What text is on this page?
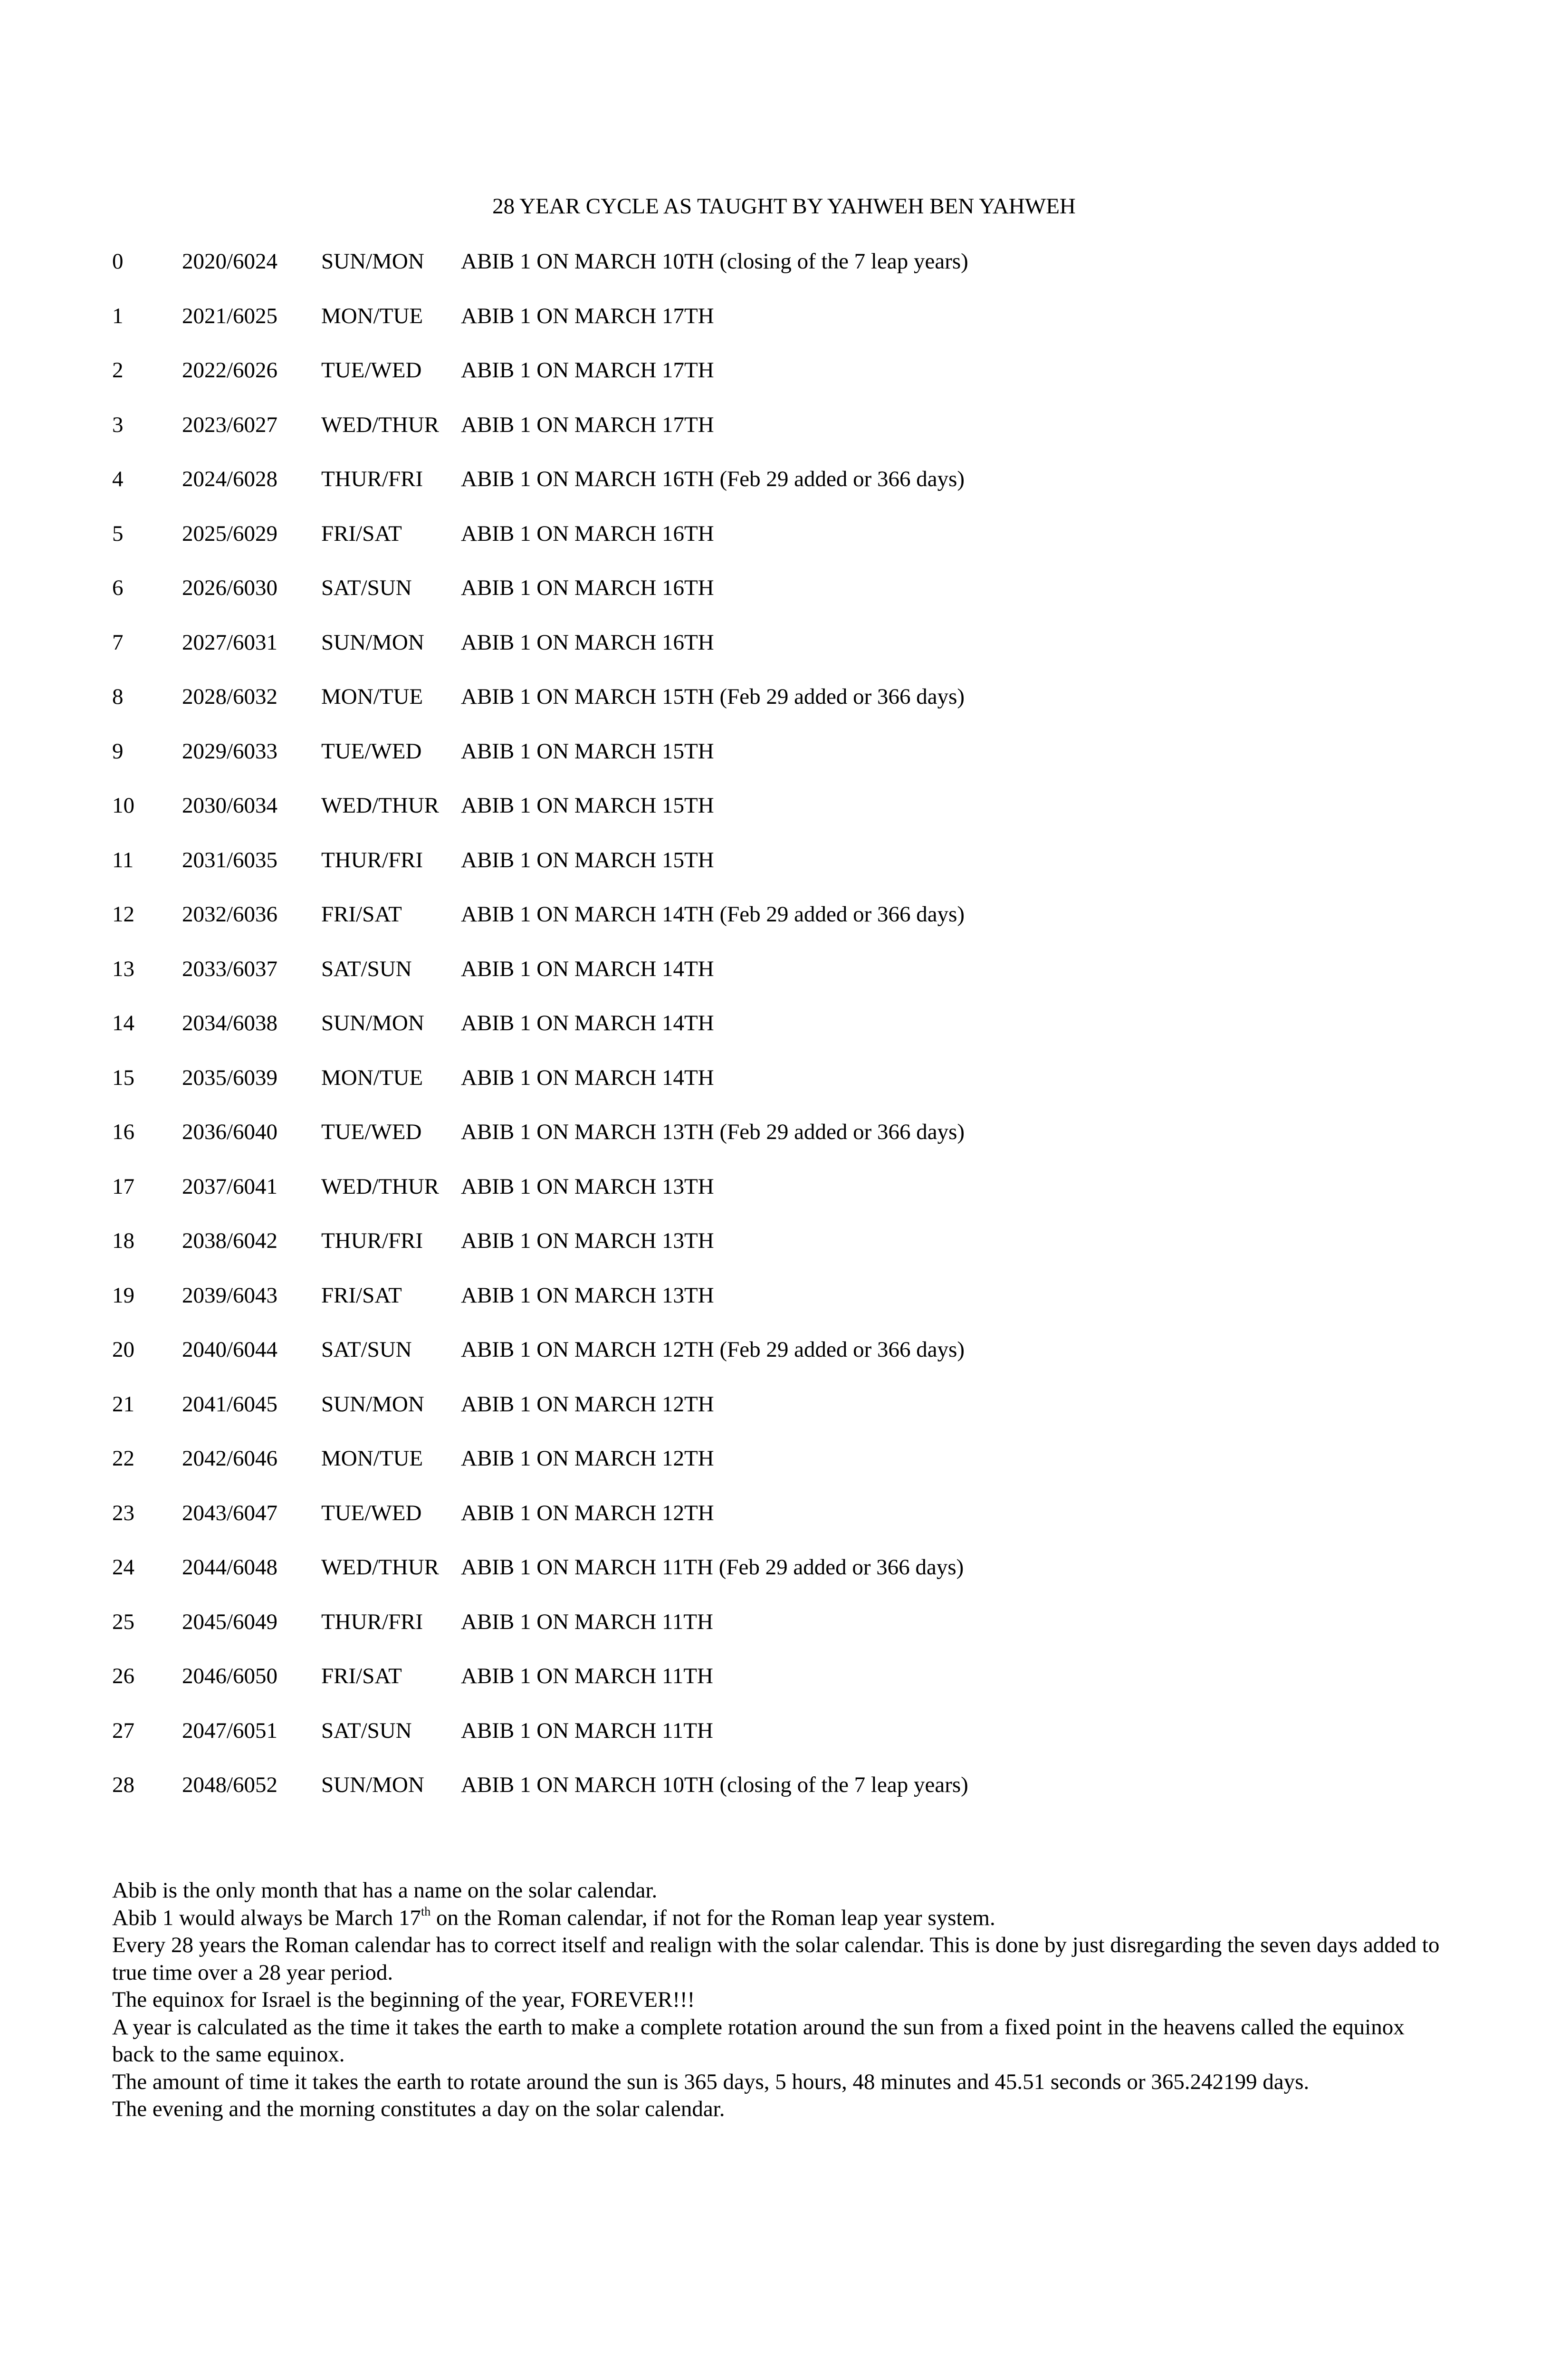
28 YEAR CYCLE AS TAUGHT BY YAHWEH BEN YAHWEH
0	2020/6024 SUN/MON ABIB 1 ON MARCH 10TH (closing of the 7 leap years)
1	2021/6025 MON/TUE ABIB 1 ON MARCH 17TH
2	2022/6026 TUE/WED ABIB 1 ON MARCH 17TH
3	2023/6027 WED/THUR ABIB 1 ON MARCH 17TH
4	2024/6028 THUR/FRI ABIB 1 ON MARCH 16TH (Feb 29 added or 366 days)
5	2025/6029 FRI/SAT	ABIB 1 ON MARCH 16TH
6	2026/6030 SAT/SUN ABIB 1 ON MARCH 16TH
7	2027/6031 SUN/MON ABIB 1 ON MARCH 16TH
8	2028/6032 MON/TUE ABIB 1 ON MARCH 15TH (Feb 29 added or 366 days)
9	2029/6033 TUE/WED ABIB 1 ON MARCH 15TH
10 2030/6034 WED/THUR ABIB 1 ON MARCH 15TH
11 2031/6035 THUR/FRI ABIB 1 ON MARCH 15TH
12 2032/6036 FRI/SAT	ABIB 1 ON MARCH 14TH (Feb 29 added or 366 days)
13 2033/6037 SAT/SUN ABIB 1 ON MARCH 14TH
14 2034/6038 SUN/MON ABIB 1 ON MARCH 14TH
15 2035/6039 MON/TUE ABIB 1 ON MARCH 14TH
16 2036/6040 TUE/WED ABIB 1 ON MARCH 13TH (Feb 29 added or 366 days)
17 2037/6041 WED/THUR ABIB 1 ON MARCH 13TH
18 2038/6042 THUR/FRI ABIB 1 ON MARCH 13TH
19 2039/6043 FRI/SAT	ABIB 1 ON MARCH 13TH
20 2040/6044 SAT/SUN ABIB 1 ON MARCH 12TH (Feb 29 added or 366 days)
21 2041/6045 SUN/MON ABIB 1 ON MARCH 12TH
22 2042/6046 MON/TUE ABIB 1 ON MARCH 12TH
23 2043/6047 TUE/WED ABIB 1 ON MARCH 12TH
24 2044/6048 WED/THUR ABIB 1 ON MARCH 11TH (Feb 29 added or 366 days)
25 2045/6049 THUR/FRI ABIB 1 ON MARCH 11TH
26 2046/6050 FRI/SAT	ABIB 1 ON MARCH 11TH
27 2047/6051 SAT/SUN ABIB 1 ON MARCH 11TH
28 2048/6052 SUN/MON ABIB 1 ON MARCH 10TH (closing of the 7 leap years)

Abib is the only month that has a name on the solar calendar.

Abib 1 would always be March 17th on the Roman calendar, if not for the Roman leap year system.

Every 28 years the Roman calendar has to correct itself and realign with the solar calendar. This is done by just disregarding the seven days added to true time over a 28 year period.

The equinox for Israel is the beginning of the year, FOREVER!!!

A year is calculated as the time it takes the earth to make a complete rotation around the sun from a fixed point in the heavens called the equinox back to the same equinox.

The amount of time it takes the earth to rotate around the sun is 365 days, 5 hours, 48 minutes and 45.51 seconds or 365.242199 days.

The evening and the morning constitutes a day on the solar calendar.
